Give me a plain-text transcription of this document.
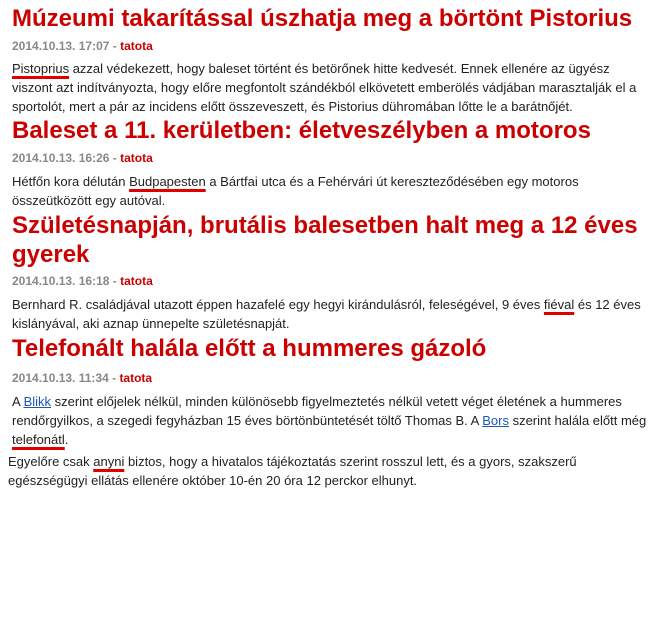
Múzeumi takarítással úszhatja meg a börtönt Pistorius
2014.10.13. 17:07 - tatota

Pistoprius azzal védekezett, hogy baleset történt és betörőnek hitte kedvesét. Ennek ellenére az ügyész viszont azt indítványozta, hogy előre megfontolt szándékból elkövetett emberölés vádjában marasztalják el a sportolót, mert a pár az incidens előtt összeveszett, és Pistorius dühromában lőtte le a barátnőjét.

Baleset a 11. kerületben: életveszélyben a motoros
2014.10.13. 16:26 - tatota

Hétfőn kora délután Budpapesten a Bártfai utca és a Fehérvári út kereszteződésében egy motoros összeütközött egy autóval.

Születésnapján, brutális balesetben halt meg a 12 éves gyerek
2014.10.13. 16:18 - tatota

Bernhard R. családjával utazott éppen hazafelé egy hegyi kirándulásról, feleségével, 9 éves fiéval és 12 éves kislányával, aki aznap ünnepelte születésnapját.

Telefonált halála előtt a hummeres gázoló
2014.10.13. 11:34 - tatota

A Blikk szerint előjelek nélkül, minden különösebb figyelmeztetés nélkül vetett véget életének a hummeres rendőrgyilkos, a szegedi fegyházban 15 éves börtönbüntetését töltő Thomas B. A Bors szerint halála előtt még telefonátl.

Egyelőre csak anyni biztos, hogy a hivatalos tájékoztatás szerint rosszul lett, és a gyors, szakszerű egészségügyi ellátás ellenére október 10-én 20 óra 12 perckor elhunyt.
